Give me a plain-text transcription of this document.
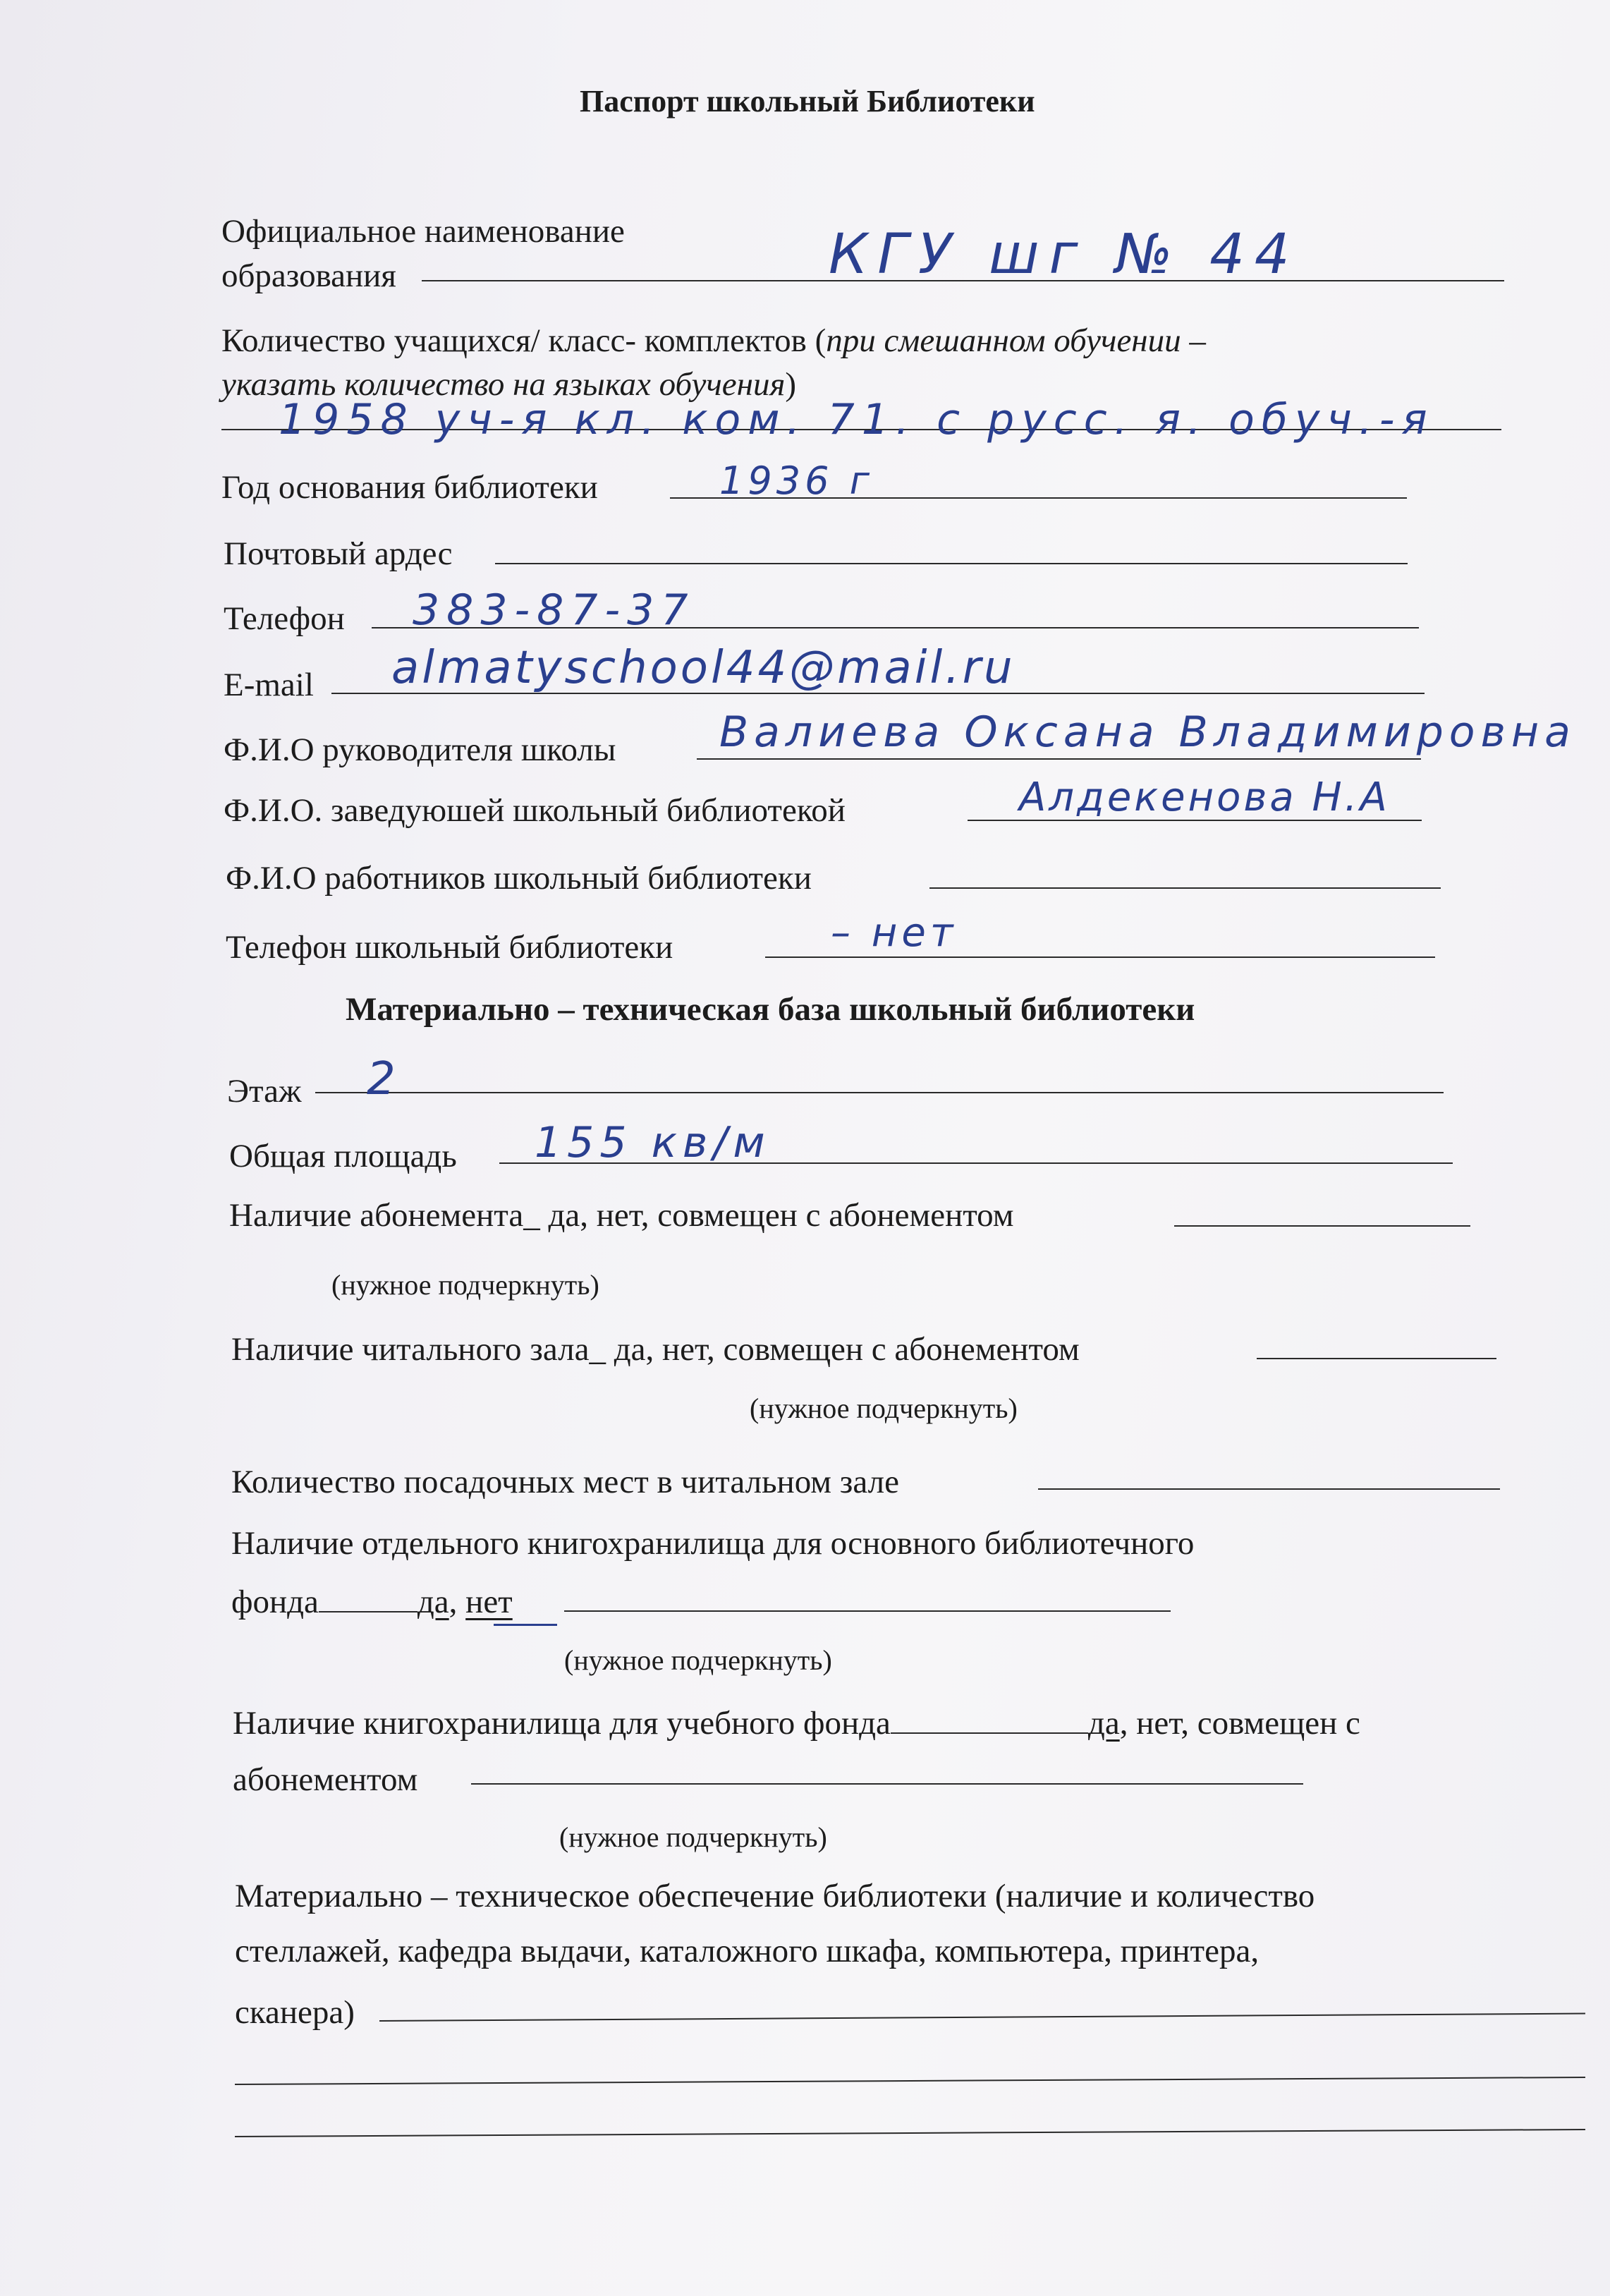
Паспорт школьный Библиотеки
Официальное наименование
образования	КГУ шг № 44
Количество учащихся/ класс- комплектов (при смешанном обучении –
указать количество на языках обучения)
1958 уч-я кл. ком. 71. с русс. я. обуч.-я
Год основания библиотеки	1936 г
Почтовый ардес
Телефон 383-87-37
E-mail almatyschool44@mail.ru
Ф.И.О руководителя школы Валиева Оксана Владимировна
Ф.И.О. заведуюшей школьный библиотекой	Алдекенова Н.А
Ф.И.О работников школьный библиотеки
Телефон школьный библиотеки	– нет
Материально – техническая база школьный библиотеки
Этаж 2
Общая площадь 155 кв/м
Наличие абонемента_ да, нет, совмещен с абонементом
(нужное подчеркнуть)
Наличие читального зала_ да, нет, совмещен с абонементом
(нужное подчеркнуть)
Количество посадочных мест в читальном зале
Наличие отдельного книгохранилища для основного библиотечного
фонда	да, нет
(нужное подчеркнуть)
Наличие книгохранилища для учебного фонда	да, нет, совмещен с
абонементом
(нужное подчеркнуть)
Материально – техническое обеспечение библиотеки (наличие и количество
стеллажей, кафедра выдачи, каталожного шкафа, компьютера, принтера,
сканера)
